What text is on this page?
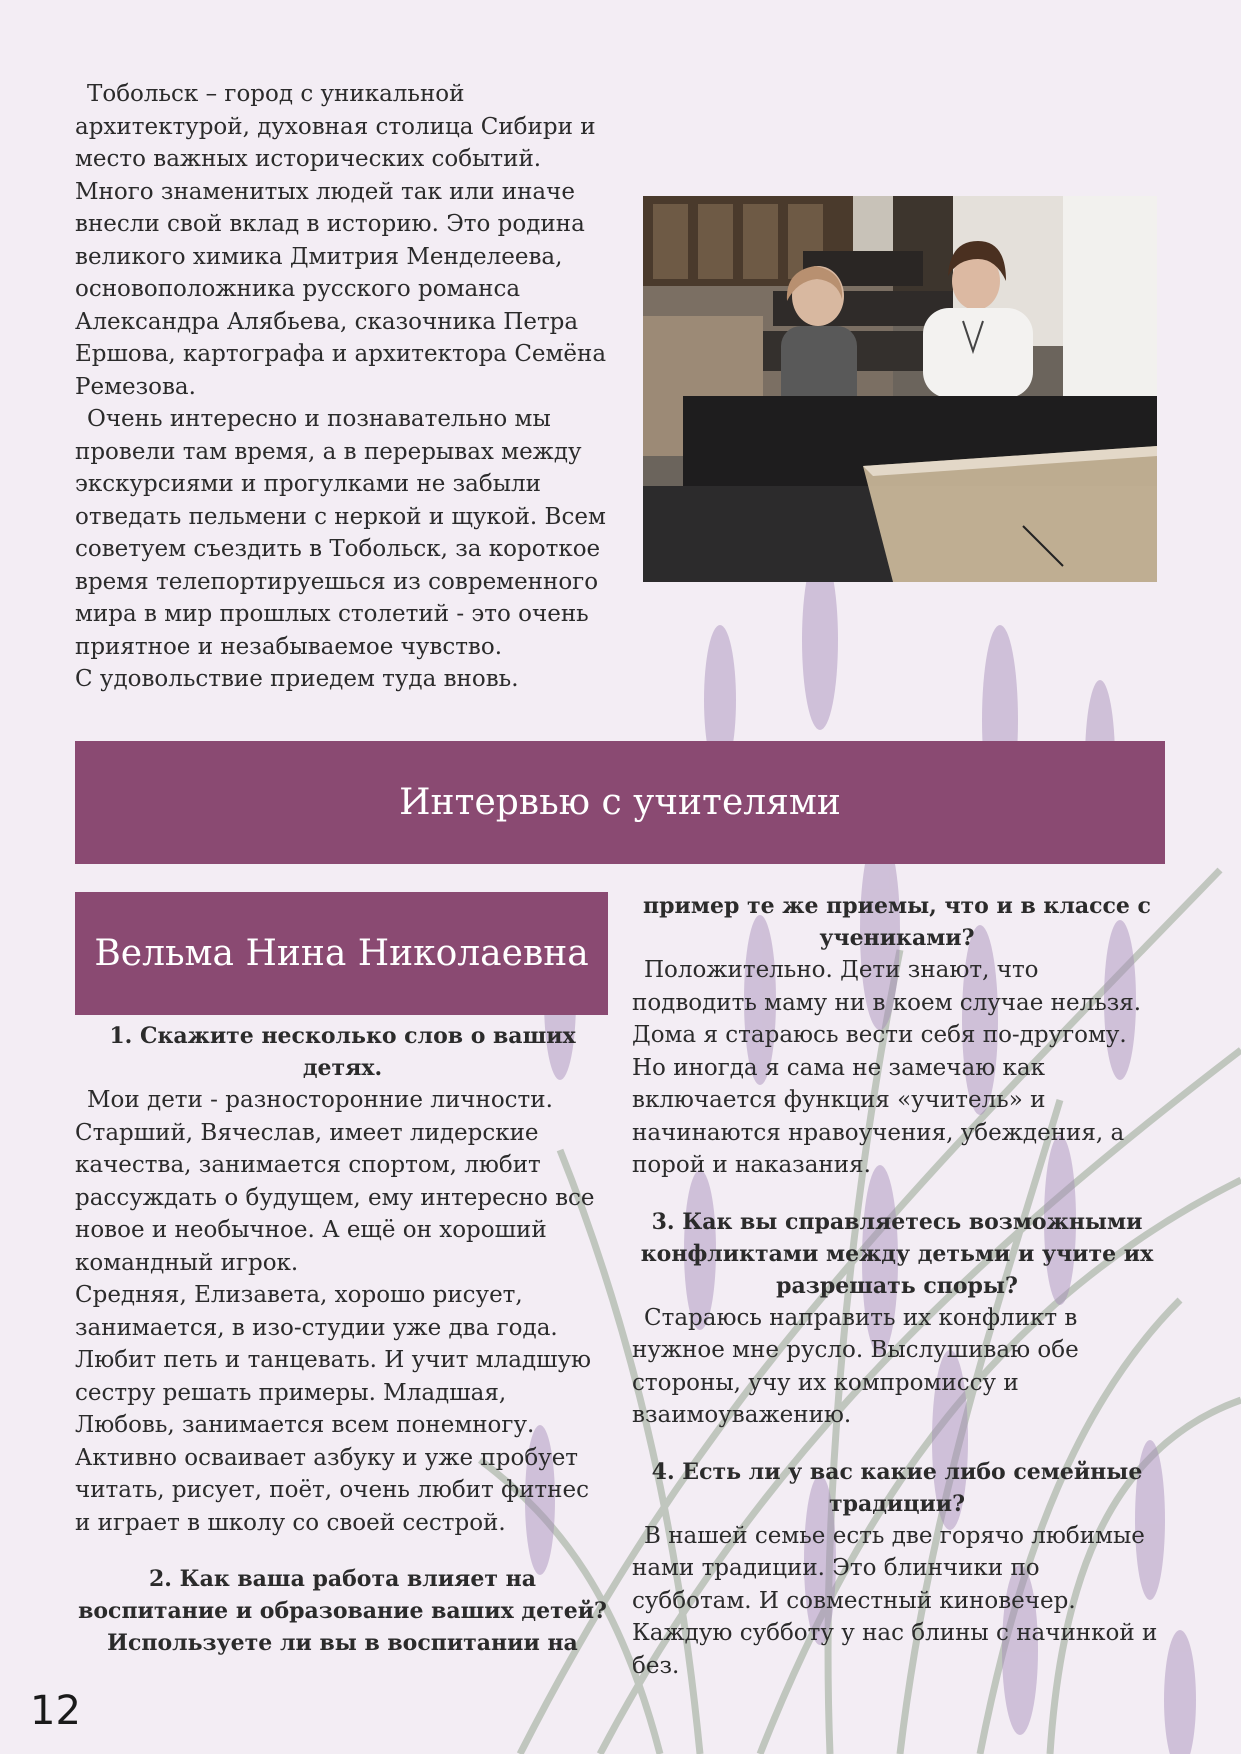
Тобольск – город с уникальной архитектурой, духовная столица Сибири и место важных исторических событий. Много знаменитых людей так или иначе внесли свой вклад в историю. Это родина великого химика Дмитрия Менделеева, основоположника русского романса Александра Алябьева, сказочника Петра Ершова, картографа и архитектора Семёна Ремезова.

Очень интересно и познавательно мы провели там время, а в перерывах между экскурсиями и прогулками не забыли отведать пельмени с неркой и щукой. Всем советуем съездить в Тобольск, за короткое время телепортируешься из современного мира в мир прошлых столетий - это очень приятное и незабываемое чувство.

С удовольствие приедем туда вновь.

Интервью с учителями
Вельма Нина Николаевна

1. Скажите несколько слов о ваших детях.

Мои дети - разносторонние личности. Старший, Вячеслав, имеет лидерские качества, занимается спортом, любит рассуждать о будущем, ему интересно все новое и необычное. А ещё он хороший командный игрок.

Средняя, Елизавета, хорошо рисует, занимается, в изо-студии уже два года. Любит петь и танцевать. И учит младшую сестру решать примеры. Младшая, Любовь, занимается всем понемногу. Активно осваивает азбуку и уже пробует читать, рисует, поёт, очень любит фитнес и играет в школу со своей сестрой.

2. Как ваша работа влияет на воспитание и образование ваших детей? Используете ли вы в воспитании на

пример те же приемы, что и в классе с учениками?

Положительно. Дети знают, что подводить маму ни в коем случае нельзя. Дома я стараюсь вести себя по-другому. Но иногда я сама не замечаю как включается функция «учитель» и начинаются нравоучения, убеждения, а порой и наказания.

3. Как вы справляетесь возможными конфликтами между детьми и учите их разрешать споры?

Стараюсь направить их конфликт в нужное мне русло. Выслушиваю обе стороны, учу их компромиссу и взаимоуважению.

4. Есть ли у вас какие либо семейные традиции?

В нашей семье есть две горячо любимые нами традиции. Это блинчики по субботам. И совместный киновечер. Каждую субботу у нас блины с начинкой и без.

12
